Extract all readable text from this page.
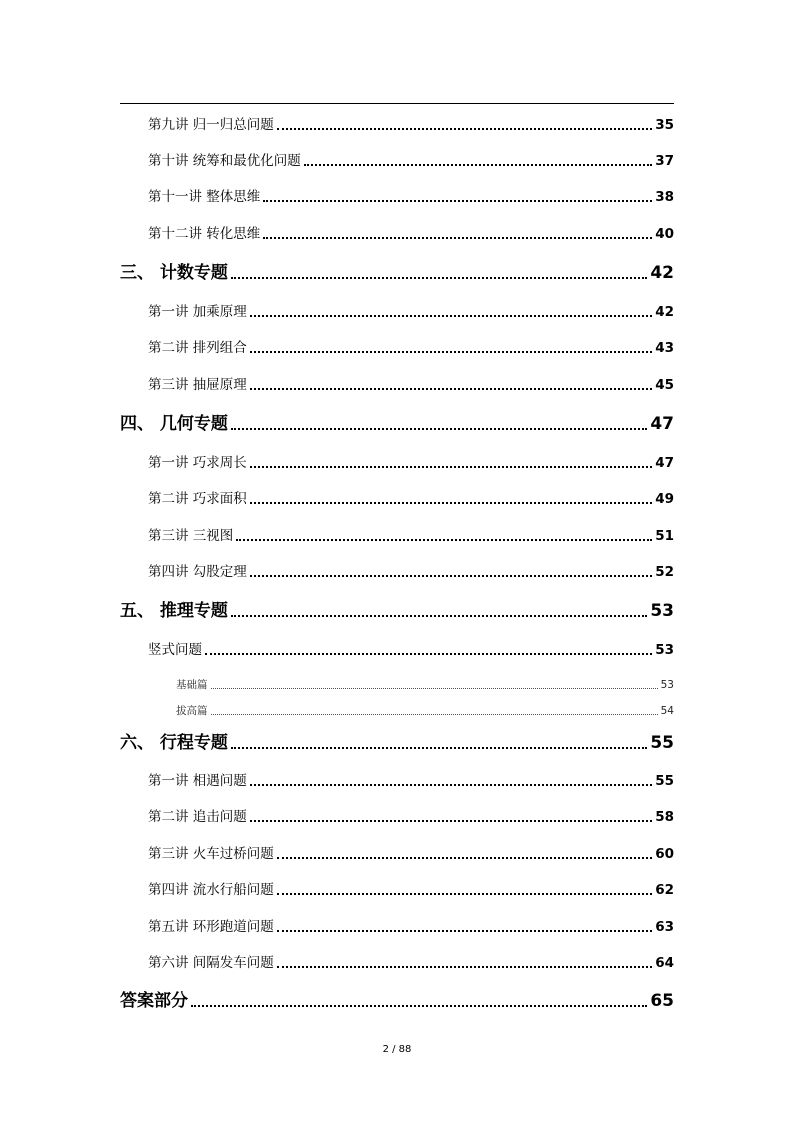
第九讲 归一归总问题	35
第十讲 统筹和最优化问题	37
第十一讲 整体思维	38
第十二讲 转化思维	40
三、 计数专题	42
第一讲 加乘原理	42
第二讲 排列组合	43
第三讲 抽屉原理	45
四、 几何专题	47
第一讲 巧求周长	47
第二讲 巧求面积	49
第三讲 三视图	51
第四讲 勾股定理	52
五、 推理专题	53
竖式问题	53
基础篇	53
拔高篇	54
六、 行程专题	55
第一讲 相遇问题	55
第二讲 追击问题	58
第三讲 火车过桥问题	60
第四讲 流水行船问题	62
第五讲 环形跑道问题	63
第六讲 间隔发车问题	64
答案部分	65
2 / 88
